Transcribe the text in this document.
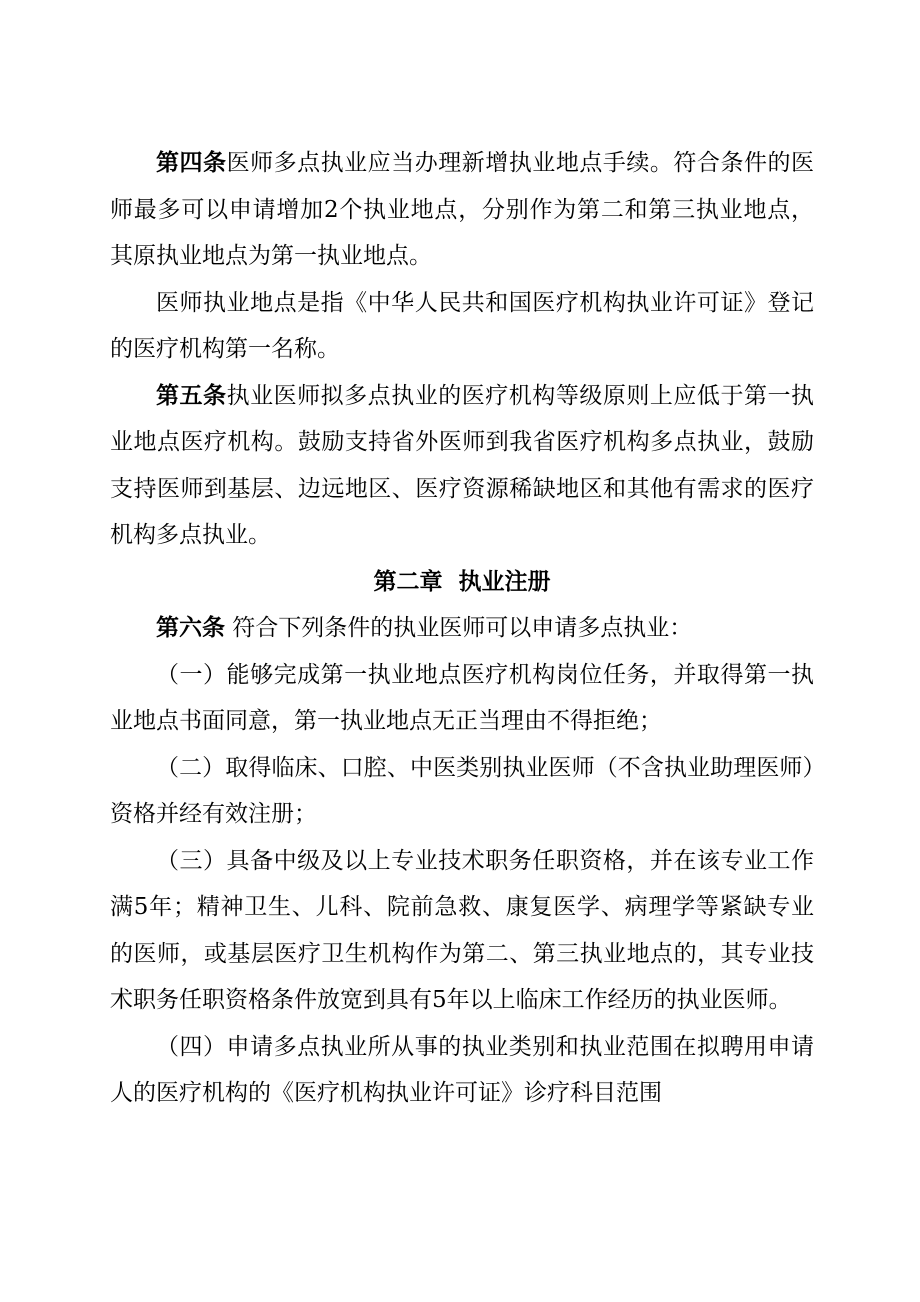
第四条医师多点执业应当办理新增执业地点手续。符合条件的医师最多可以申请增加2个执业地点，分别作为第二和第三执业地点，其原执业地点为第一执业地点。

医师执业地点是指《中华人民共和国医疗机构执业许可证》登记的医疗机构第一名称。

第五条执业医师拟多点执业的医疗机构等级原则上应低于第一执业地点医疗机构。鼓励支持省外医师到我省医疗机构多点执业，鼓励支持医师到基层、边远地区、医疗资源稀缺地区和其他有需求的医疗机构多点执业。

第二章  执业注册

第六条 符合下列条件的执业医师可以申请多点执业：

（一）能够完成第一执业地点医疗机构岗位任务，并取得第一执业地点书面同意，第一执业地点无正当理由不得拒绝；

（二）取得临床、口腔、中医类别执业医师（不含执业助理医师）资格并经有效注册；

（三）具备中级及以上专业技术职务任职资格，并在该专业工作满5年；精神卫生、儿科、院前急救、康复医学、病理学等紧缺专业的医师，或基层医疗卫生机构作为第二、第三执业地点的，其专业技术职务任职资格条件放宽到具有5年以上临床工作经历的执业医师。

（四）申请多点执业所从事的执业类别和执业范围在拟聘用申请人的医疗机构的《医疗机构执业许可证》诊疗科目范围
